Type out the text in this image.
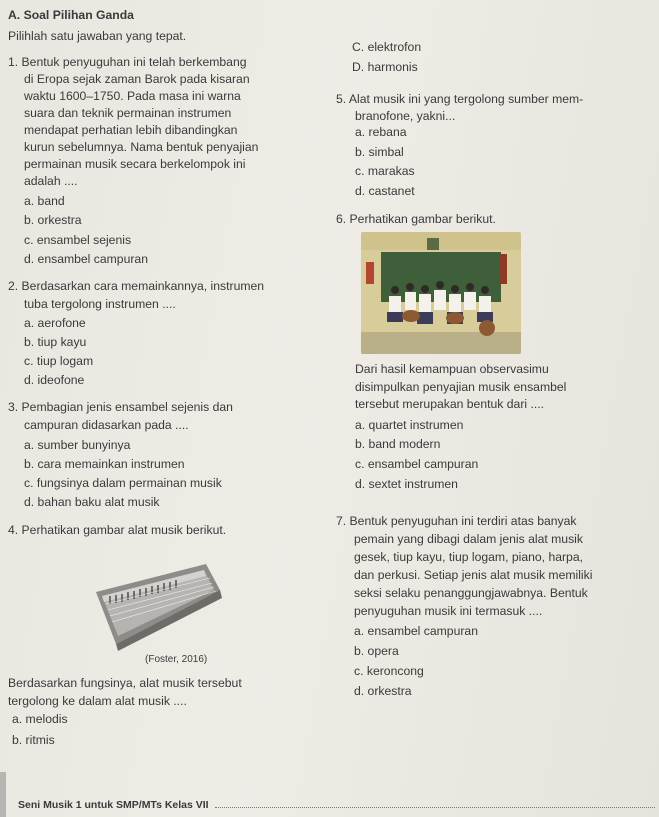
A. Soal Pilihan Ganda
Pilihlah satu jawaban yang tepat.
1. Bentuk penyuguhan ini telah berkembang
di Eropa sejak zaman Barok pada kisaran
waktu 1600–1750. Pada masa ini warna
suara dan teknik permainan instrumen
mendapat perhatian lebih dibandingkan
kurun sebelumnya. Nama bentuk penyajian
permainan musik secara berkelompok ini
adalah ....
a. band
b. orkestra
c. ensambel sejenis
d. ensambel campuran
2. Berdasarkan cara memainkannya, instrumen
tuba tergolong instrumen ....
a. aerofone
b. tiup kayu
c. tiup logam
d. ideofone
3. Pembagian jenis ensambel sejenis dan
campuran didasarkan pada ....
a. sumber bunyinya
b. cara memainkan instrumen
c. fungsinya dalam permainan musik
d. bahan baku alat musik
4. Perhatikan gambar alat musik berikut.
(Foster, 2016)
Berdasarkan fungsinya, alat musik tersebut
tergolong ke dalam alat musik ....
a. melodis
b. ritmis
C. elektrofon
D. harmonis
5. Alat musik ini yang tergolong sumber mem-
branofone, yakni...
a. rebana
b. simbal
c. marakas
d. castanet
6. Perhatikan gambar berikut.
Dari hasil kemampuan observasimu
disimpulkan penyajian musik ensambel
tersebut merupakan bentuk dari ....
a. quartet instrumen
b. band modern
c. ensambel campuran
d. sextet instrumen
7. Bentuk penyuguhan ini terdiri atas banyak
pemain yang dibagi dalam jenis alat musik
gesek, tiup kayu, tiup logam, piano, harpa,
dan perkusi. Setiap jenis alat musik memiliki
seksi selaku penanggungjawabnya. Bentuk
penyuguhan musik ini termasuk ....
a. ensambel campuran
b. opera
c. keroncong
d. orkestra
Seni Musik 1 untuk SMP/MTs Kelas VII
